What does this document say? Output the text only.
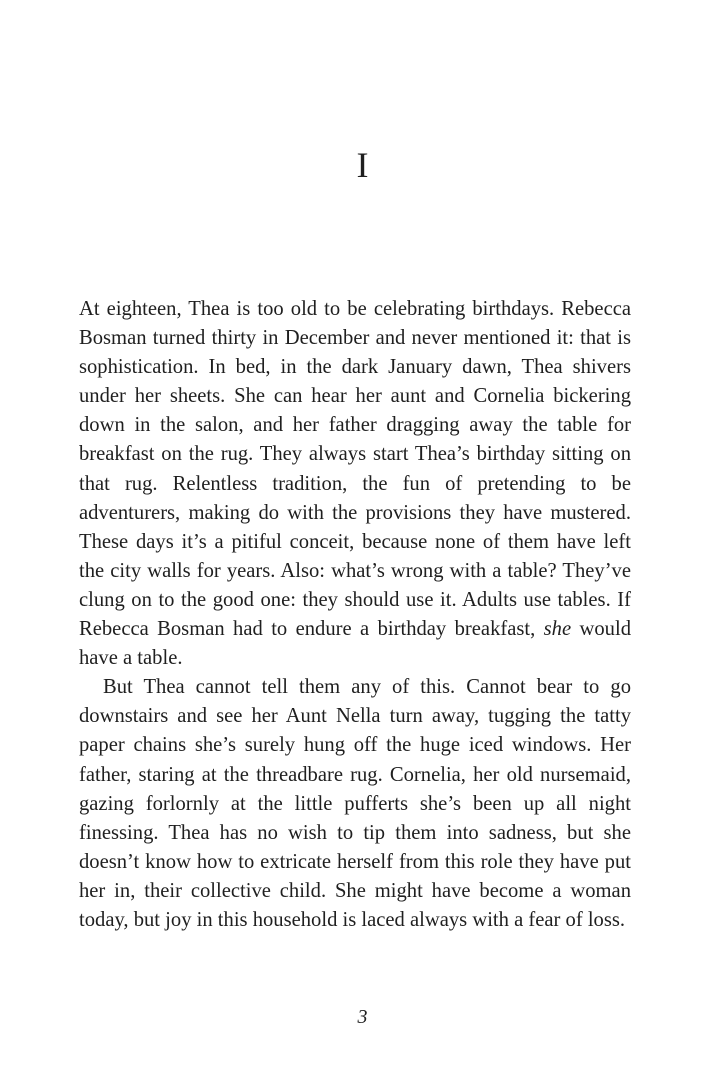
I

At eighteen, Thea is too old to be celebrating birthdays. Rebecca Bosman turned thirty in December and never mentioned it: that is sophistication. In bed, in the dark January dawn, Thea shivers under her sheets. She can hear her aunt and Cornelia bickering down in the salon, and her father dragging away the table for breakfast on the rug. They always start Thea’s birthday sitting on that rug. Relentless tradition, the fun of pretending to be adventurers, making do with the provisions they have mustered. These days it’s a pitiful conceit, because none of them have left the city walls for years. Also: what’s wrong with a table? They’ve clung on to the good one: they should use it. Adults use tables. If Rebecca Bosman had to endure a birthday breakfast, she would have a table.

But Thea cannot tell them any of this. Cannot bear to go downstairs and see her Aunt Nella turn away, tugging the tatty paper chains she’s surely hung off the huge iced windows. Her father, staring at the threadbare rug. Cornelia, her old nursemaid, gazing forlornly at the little pufferts she’s been up all night finessing. Thea has no wish to tip them into sadness, but she doesn’t know how to extricate herself from this role they have put her in, their collective child. She might have become a woman today, but joy in this household is laced always with a fear of loss.

3
